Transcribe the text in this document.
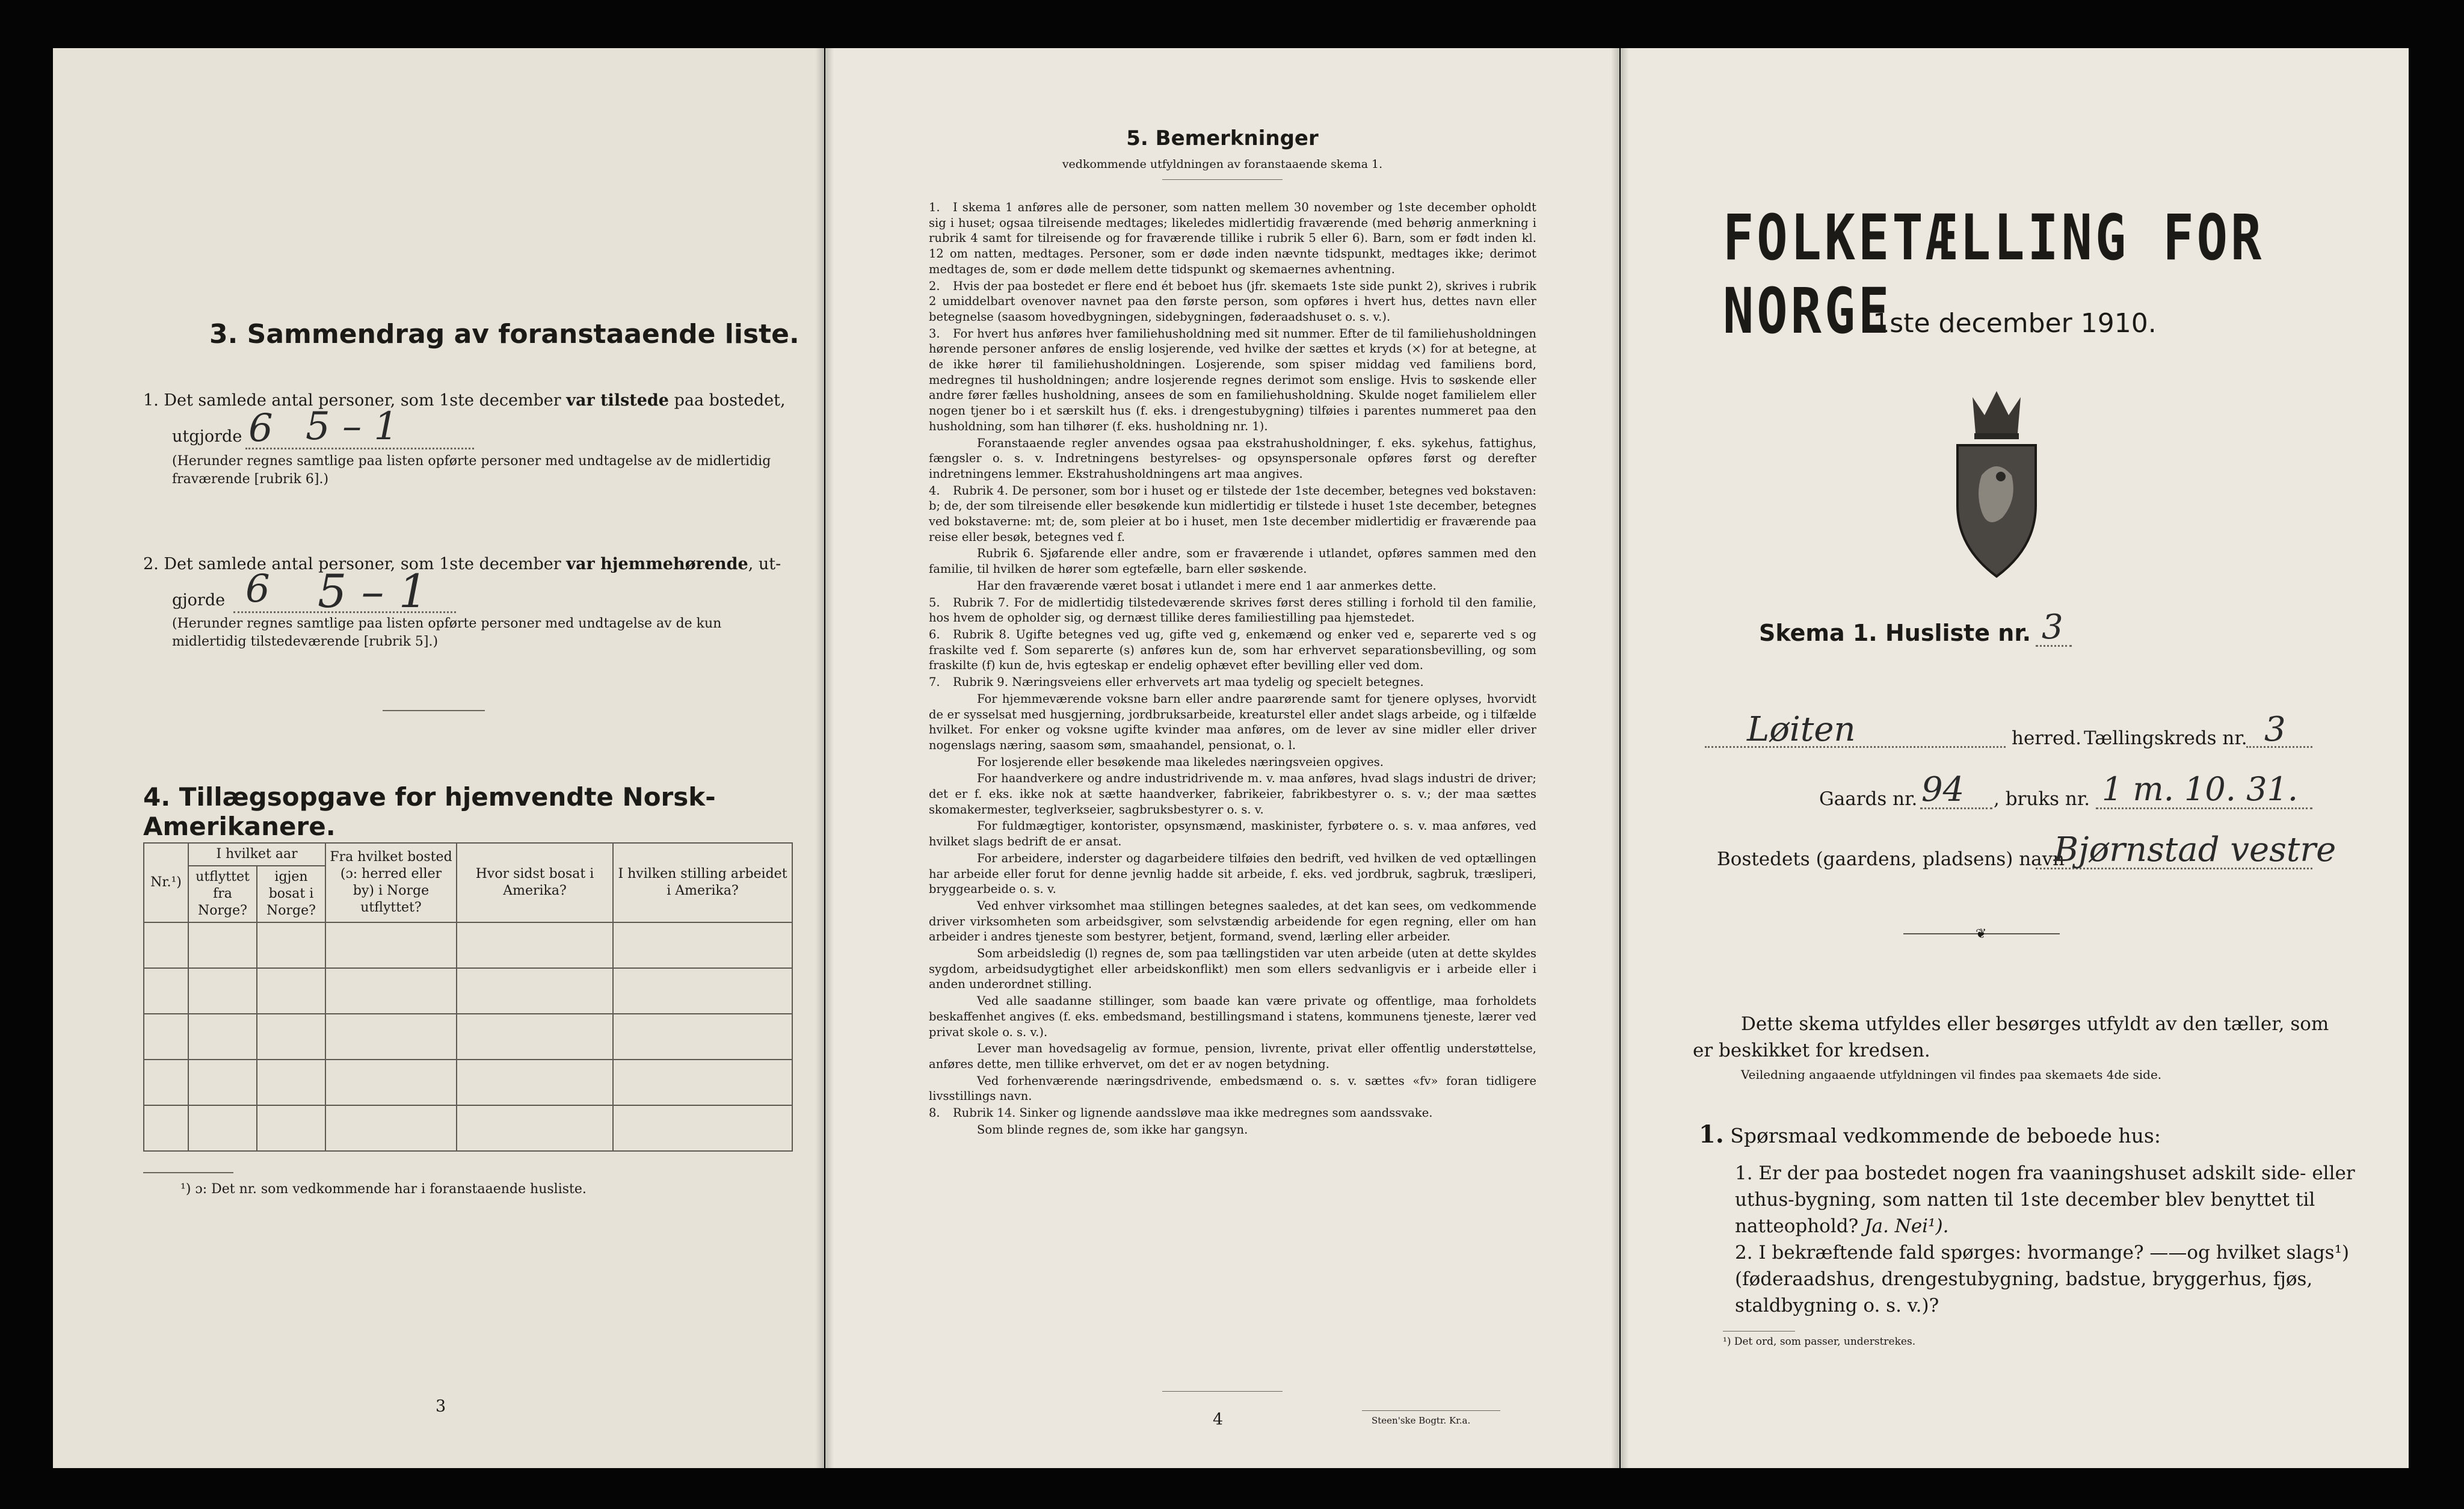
3. Sammendrag av foranstaaende liste.
1. Det samlede antal personer, som 1ste december var tilstede paa bostedet,
utgjorde 6 5 – 1
(Herunder regnes samtlige paa listen opførte personer med undtagelse av de midlertidig fraværende [rubrik 6].)
2. Det samlede antal personer, som 1ste december var hjemmehørende, ut-
gjorde 6 5 – 1
(Herunder regnes samtlige paa listen opførte personer med undtagelse av de kun midlertidig tilstedeværende [rubrik 5].)
4. Tillægsopgave for hjemvendte Norsk-Amerikanere.
Nr.¹)	I hvilket aar		Fra hvilket bosted (ɔ: herred eller by) i Norge utflyttet?	Hvor sidst bosat i Amerika?	I hvilken stilling arbeidet i Amerika?
	utflyttet fra Norge?	igjen bosat i Norge?			

¹) ɔ: Det nr. som vedkommende har i foranstaaende husliste.
3
5. Bemerkninger
vedkommende utfyldningen av foranstaaende skema 1.

1. I skema 1 anføres alle de personer, som natten mellem 30 november og 1ste december opholdt sig i huset; ogsaa tilreisende medtages; likeledes midlertidig fraværende (med behørig anmerkning i rubrik 4 samt for tilreisende og for fraværende tillike i rubrik 5 eller 6). Barn, som er født inden kl. 12 om natten, medtages. Personer, som er døde inden nævnte tidspunkt, medtages ikke; derimot medtages de, som er døde mellem dette tidspunkt og skemaernes avhentning.

2. Hvis der paa bostedet er flere end ét beboet hus (jfr. skemaets 1ste side punkt 2), skrives i rubrik 2 umiddelbart ovenover navnet paa den første person, som opføres i hvert hus, dettes navn eller betegnelse (saasom hovedbygningen, sidebygningen, føderaadshuset o. s. v.).

3. For hvert hus anføres hver familiehusholdning med sit nummer. Efter de til familiehusholdningen hørende personer anføres de enslig losjerende, ved hvilke der sættes et kryds (×) for at betegne, at de ikke hører til familiehusholdningen. Losjerende, som spiser middag ved familiens bord, medregnes til husholdningen; andre losjerende regnes derimot som enslige. Hvis to søskende eller andre fører fælles husholdning, ansees de som en familiehusholdning. Skulde noget familielem eller nogen tjener bo i et særskilt hus (f. eks. i drengestubygning) tilføies i parentes nummeret paa den husholdning, som han tilhører (f. eks. husholdning nr. 1).

Foranstaaende regler anvendes ogsaa paa ekstrahusholdninger, f. eks. sykehus, fattighus, fængsler o. s. v. Indretningens bestyrelses- og opsynspersonale opføres først og derefter indretningens lemmer. Ekstrahusholdningens art maa angives.

4. Rubrik 4. De personer, som bor i huset og er tilstede der 1ste december, betegnes ved bokstaven: b; de, der som tilreisende eller besøkende kun midlertidig er tilstede i huset 1ste december, betegnes ved bokstaverne: mt; de, som pleier at bo i huset, men 1ste december midlertidig er fraværende paa reise eller besøk, betegnes ved f.

Rubrik 6. Sjøfarende eller andre, som er fraværende i utlandet, opføres sammen med den familie, til hvilken de hører som egtefælle, barn eller søskende.

Har den fraværende været bosat i utlandet i mere end 1 aar anmerkes dette.

5. Rubrik 7. For de midlertidig tilstedeværende skrives først deres stilling i forhold til den familie, hos hvem de opholder sig, og dernæst tillike deres familiestilling paa hjemstedet.

6. Rubrik 8. Ugifte betegnes ved ug, gifte ved g, enkemænd og enker ved e, separerte ved s og fraskilte ved f. Som separerte (s) anføres kun de, som har erhvervet separationsbevilling, og som fraskilte (f) kun de, hvis egteskap er endelig ophævet efter bevilling eller ved dom.

7. Rubrik 9. Næringsveiens eller erhvervets art maa tydelig og specielt betegnes.

For hjemmeværende voksne barn eller andre paarørende samt for tjenere oplyses, hvorvidt de er sysselsat med husgjerning, jordbruksarbeide, kreaturstel eller andet slags arbeide, og i tilfælde hvilket. For enker og voksne ugifte kvinder maa anføres, om de lever av sine midler eller driver nogenslags næring, saasom søm, smaahandel, pensionat, o. l.

For losjerende eller besøkende maa likeledes næringsveien opgives.

For haandverkere og andre industridrivende m. v. maa anføres, hvad slags industri de driver; det er f. eks. ikke nok at sætte haandverker, fabrikeier, fabrikbestyrer o. s. v.; der maa sættes skomakermester, teglverkseier, sagbruksbestyrer o. s. v.

For fuldmægtiger, kontorister, opsynsmænd, maskinister, fyrbøtere o. s. v. maa anføres, ved hvilket slags bedrift de er ansat.

For arbeidere, inderster og dagarbeidere tilføies den bedrift, ved hvilken de ved optællingen har arbeide eller forut for denne jevnlig hadde sit arbeide, f. eks. ved jordbruk, sagbruk, træsliperi, bryggearbeide o. s. v.

Ved enhver virksomhet maa stillingen betegnes saaledes, at det kan sees, om vedkommende driver virksomheten som arbeidsgiver, som selvstændig arbeidende for egen regning, eller om han arbeider i andres tjeneste som bestyrer, betjent, formand, svend, lærling eller arbeider.

Som arbeidsledig (l) regnes de, som paa tællingstiden var uten arbeide (uten at dette skyldes sygdom, arbeidsudygtighet eller arbeidskonflikt) men som ellers sedvanligvis er i arbeide eller i anden underordnet stilling.

Ved alle saadanne stillinger, som baade kan være private og offentlige, maa forholdets beskaffenhet angives (f. eks. embedsmand, bestillingsmand i statens, kommunens tjeneste, lærer ved privat skole o. s. v.).

Lever man hovedsagelig av formue, pension, livrente, privat eller offentlig understøttelse, anføres dette, men tillike erhvervet, om det er av nogen betydning.

Ved forhenværende næringsdrivende, embedsmænd o. s. v. sættes «fv» foran tidligere livsstillings navn.

8. Rubrik 14. Sinker og lignende aandssløve maa ikke medregnes som aandssvake.

Som blinde regnes de, som ikke har gangsyn.

4	Steen'ske Bogtr. Kr.a.
FOLKETÆLLING FOR NORGE
1ste december 1910.
Skema 1. Husliste nr. 3
Løiten	herred. Tællingskreds nr. 3
Gaards nr. 94 , bruks nr. 1 m. 10. 31.
Bostedets (gaardens, pladsens) navn
Bjørnstad vestre
❦
Dette skema utfyldes eller besørges utfyldt av den tæller, som er beskikket for kredsen.
Veiledning angaaende utfyldningen vil findes paa skemaets 4de side.
1. Spørsmaal vedkommende de beboede hus:
1. Er der paa bostedet nogen fra vaaningshuset adskilt side- eller uthus-bygning, som natten til 1ste december blev benyttet til natteophold? Ja. Nei¹).
2. I bekræftende fald spørges: hvormange? ——og hvilket slags¹) (føderaadshus, drengestubygning, badstue, bryggerhus, fjøs, staldbygning o. s. v.)?
¹) Det ord, som passer, understrekes.
